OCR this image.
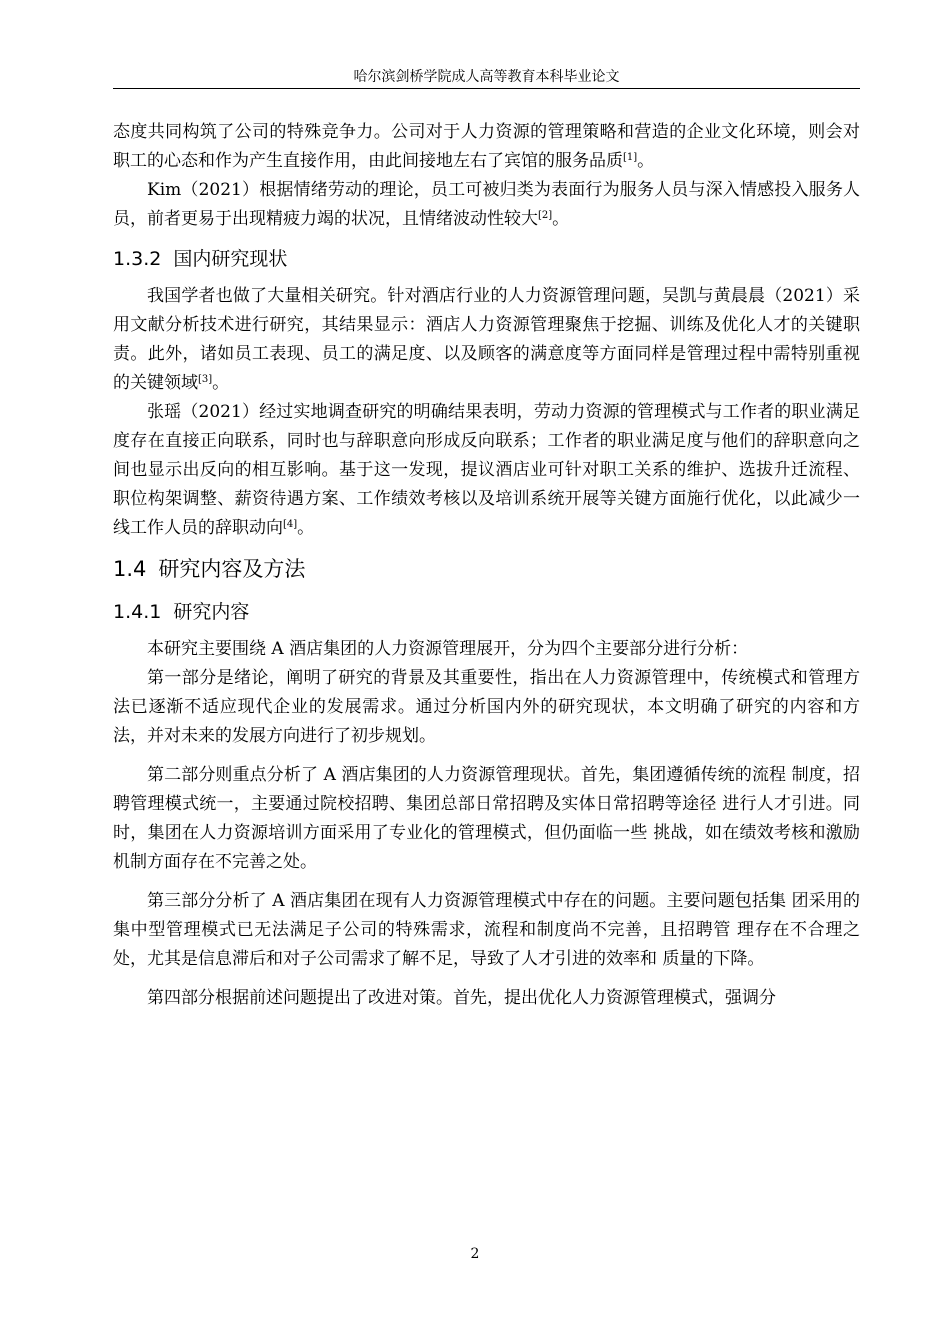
哈尔滨剑桥学院成人高等教育本科毕业论文

态度共同构筑了公司的特殊竞争力。公司对于人力资源的管理策略和营造的企业文化环境，则会对职工的心态和作为产生直接作用，由此间接地左右了宾馆的服务品质[1]。

Kim（2021）根据情绪劳动的理论，员工可被归类为表面行为服务人员与深入情感投入服务人员，前者更易于出现精疲力竭的状况，且情绪波动性较大[2]。

1.3.2 国内研究现状

我国学者也做了大量相关研究。针对酒店行业的人力资源管理问题，吴凯与黄晨晨（2021）采用文献分析技术进行研究，其结果显示：酒店人力资源管理聚焦于挖掘、训练及优化人才的关键职责。此外，诸如员工表现、员工的满足度、以及顾客的满意度等方面同样是管理过程中需特别重视的关键领域[3]。

张瑶（2021）经过实地调查研究的明确结果表明，劳动力资源的管理模式与工作者的职业满足度存在直接正向联系，同时也与辞职意向形成反向联系；工作者的职业满足度与他们的辞职意向之间也显示出反向的相互影响。基于这一发现，提议酒店业可针对职工关系的维护、选拔升迁流程、职位构架调整、薪资待遇方案、工作绩效考核以及培训系统开展等关键方面施行优化，以此减少一线工作人员的辞职动向[4]。

1.4 研究内容及方法
1.4.1 研究内容

本研究主要围绕 A 酒店集团的人力资源管理展开，分为四个主要部分进行分析：

第一部分是绪论，阐明了研究的背景及其重要性，指出在人力资源管理中，传统模式和管理方法已逐渐不适应现代企业的发展需求。通过分析国内外的研究现状，本文明确了研究的内容和方法，并对未来的发展方向进行了初步规划。

第二部分则重点分析了 A 酒店集团的人力资源管理现状。首先，集团遵循传统的流程 制度，招聘管理模式统一，主要通过院校招聘、集团总部日常招聘及实体日常招聘等途径 进行人才引进。同时，集团在人力资源培训方面采用了专业化的管理模式，但仍面临一些 挑战，如在绩效考核和激励机制方面存在不完善之处。

第三部分分析了 A 酒店集团在现有人力资源管理模式中存在的问题。主要问题包括集 团采用的集中型管理模式已无法满足子公司的特殊需求，流程和制度尚不完善，且招聘管 理存在不合理之处，尤其是信息滞后和对子公司需求了解不足，导致了人才引进的效率和 质量的下降。

第四部分根据前述问题提出了改进对策。首先，提出优化人力资源管理模式，强调分

2
